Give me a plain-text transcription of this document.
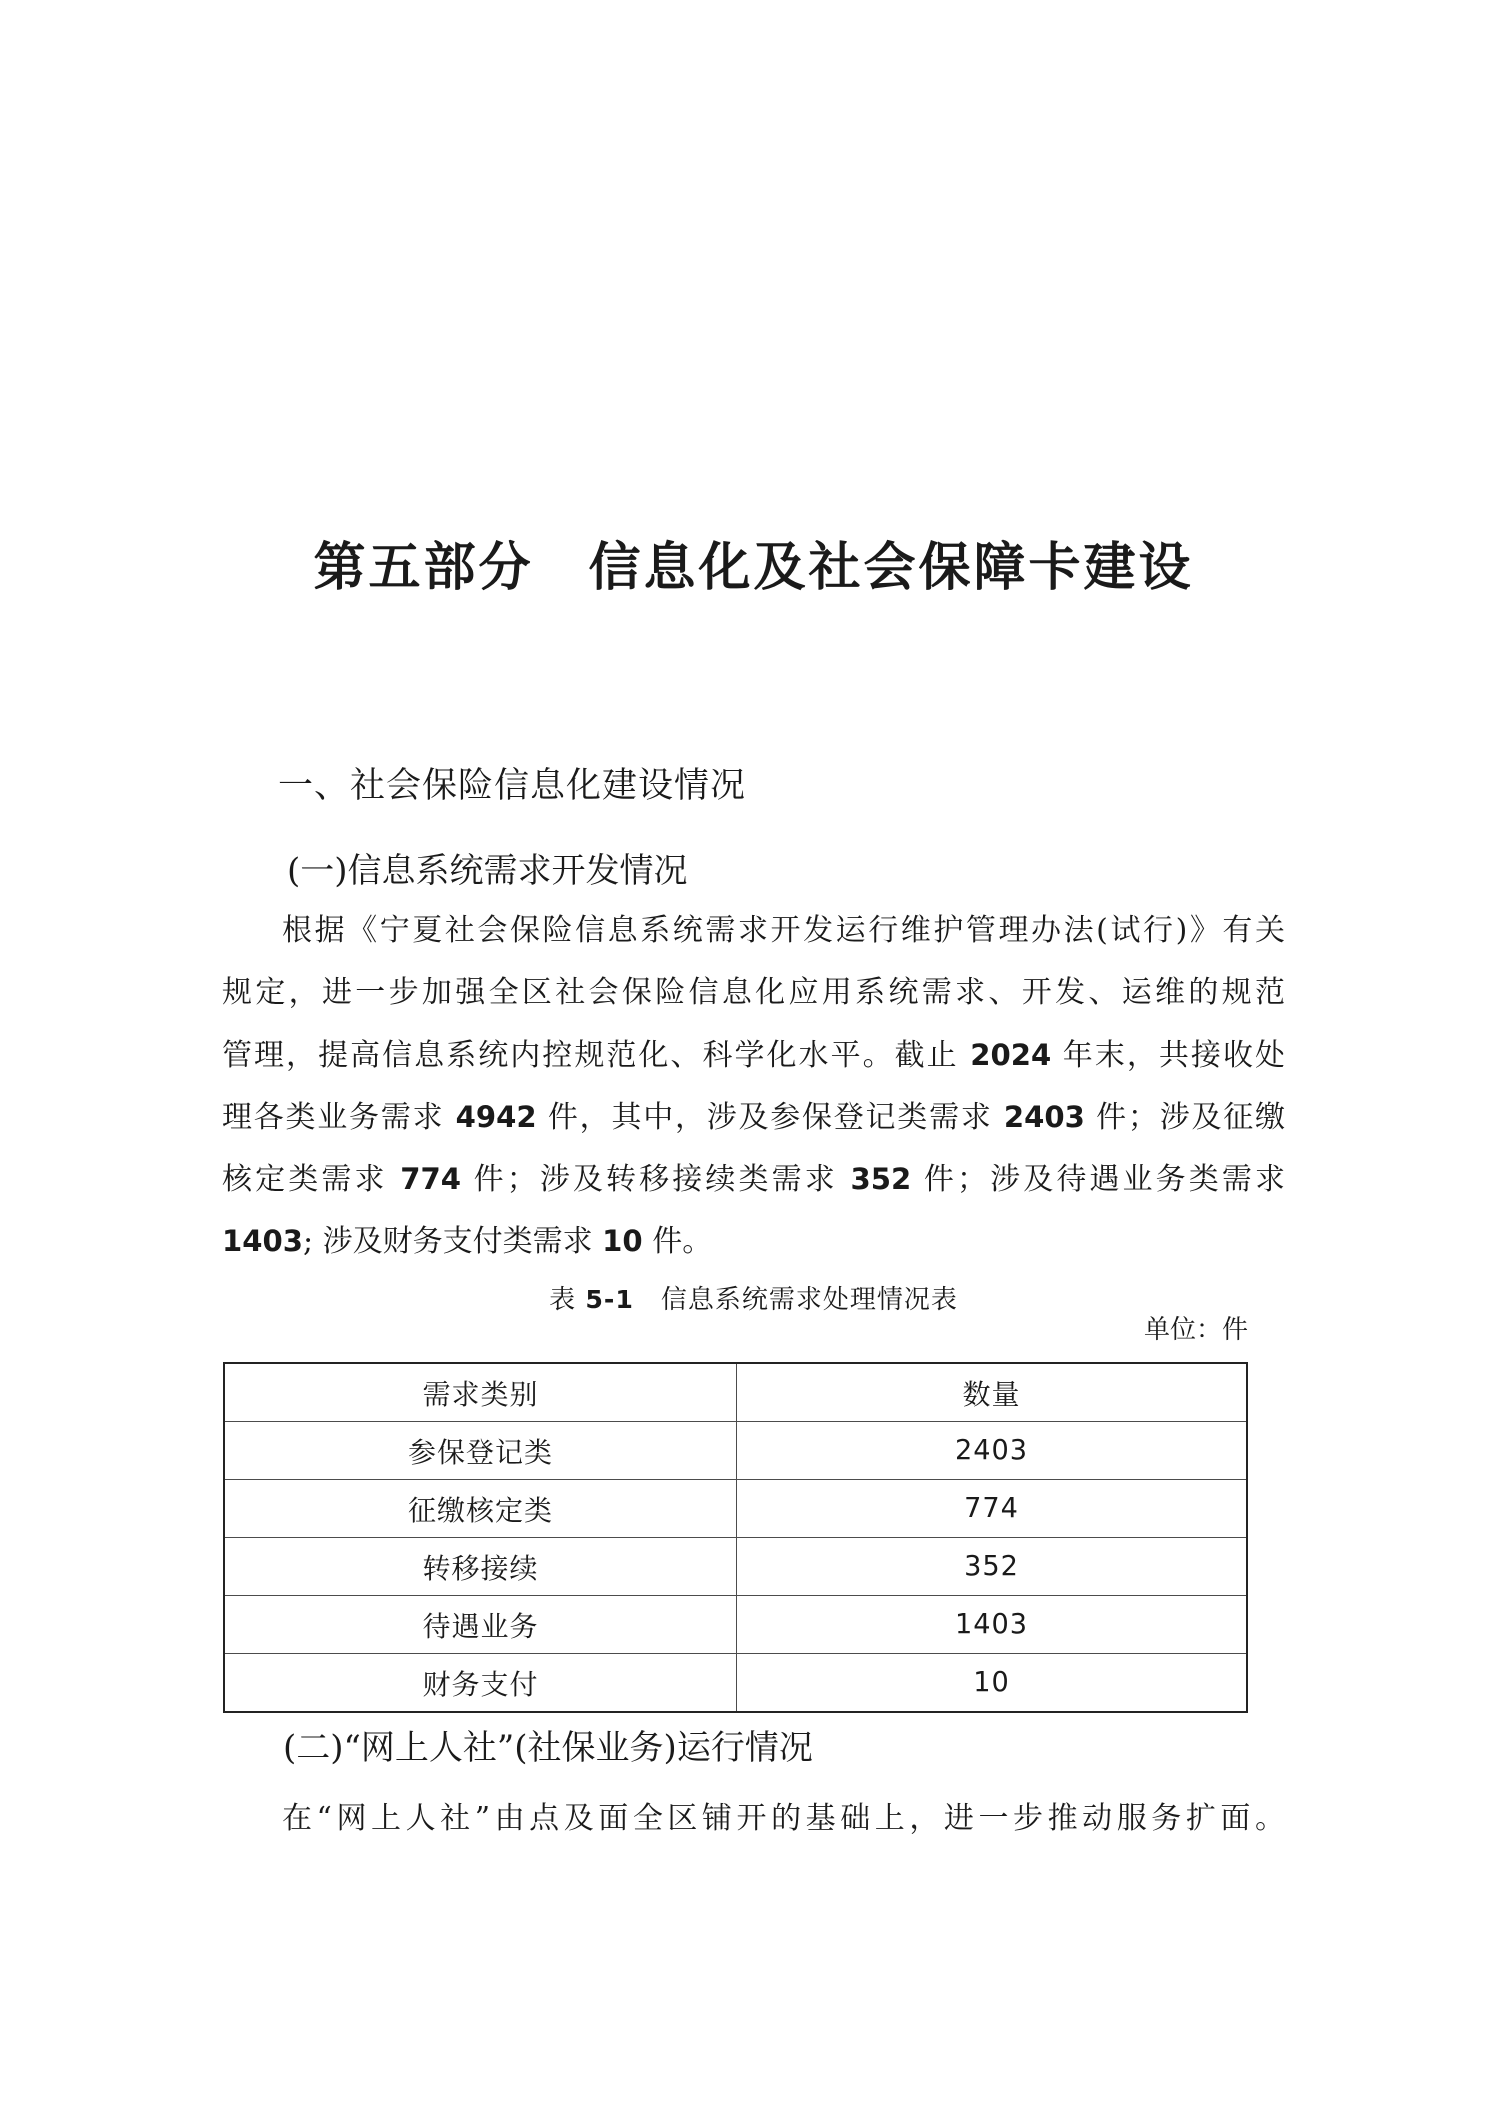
第五部分　信息化及社会保障卡建设
一、社会保险信息化建设情况
(一)信息系统需求开发情况
根据《宁夏社会保险信息系统需求开发运行维护管理办法(试行)》有关
规定，进一步加强全区社会保险信息化应用系统需求、开发、运维的规范
管理，提高信息系统内控规范化、科学化水平。截止 2024 年末，共接收处
理各类业务需求 4942 件，其中，涉及参保登记类需求 2403 件；涉及征缴
核定类需求 774 件；涉及转移接续类需求 352 件；涉及待遇业务类需求
1403; 涉及财务支付类需求 10 件。
表 5-1　信息系统需求处理情况表
单位：件
需求类别	数量
参保登记类	2403
征缴核定类	774
转移接续	352
待遇业务	1403
财务支付	10
(二)“网上人社”(社保业务)运行情况
在“网上人社”由点及面全区铺开的基础上，进一步推动服务扩面。
